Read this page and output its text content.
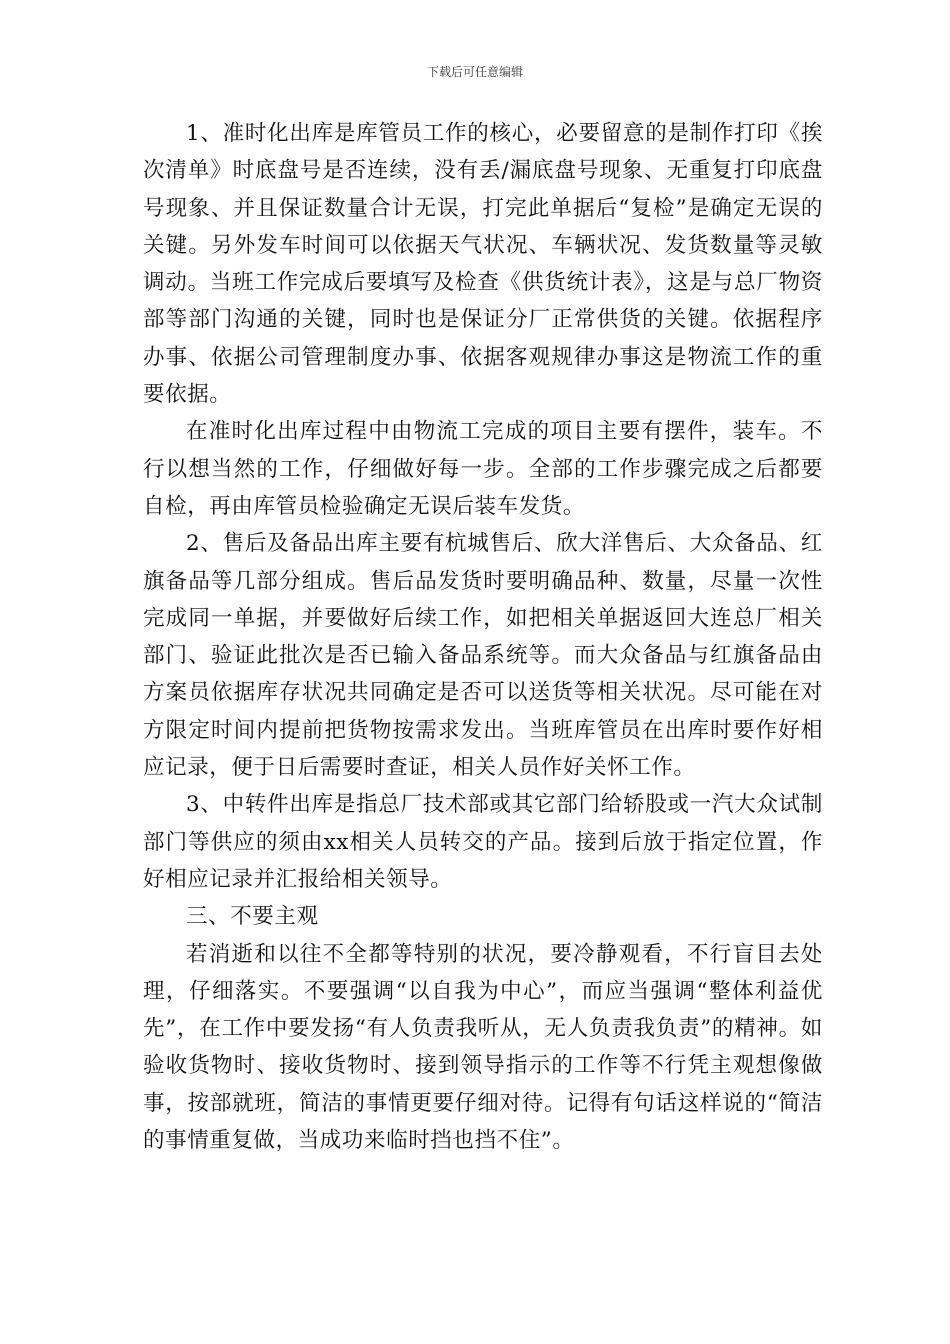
下载后可任意编辑

1、准时化出库是库管员工作的核心，必要留意的是制作打印《挨次清单》时底盘号是否连续，没有丢/漏底盘号现象、无重复打印底盘号现象、并且保证数量合计无误，打完此单据后“复检”是确定无误的关键。另外发车时间可以依据天气状况、车辆状况、发货数量等灵敏调动。当班工作完成后要填写及检查《供货统计表》，这是与总厂物资部等部门沟通的关键，同时也是保证分厂正常供货的关键。依据程序办事、依据公司管理制度办事、依据客观规律办事这是物流工作的重要依据。

在准时化出库过程中由物流工完成的项目主要有摆件，装车。不行以想当然的工作，仔细做好每一步。全部的工作步骤完成之后都要自检，再由库管员检验确定无误后装车发货。

2、售后及备品出库主要有杭城售后、欣大洋售后、大众备品、红旗备品等几部分组成。售后品发货时要明确品种、数量，尽量一次性完成同一单据，并要做好后续工作，如把相关单据返回大连总厂相关部门、验证此批次是否已输入备品系统等。而大众备品与红旗备品由方案员依据库存状况共同确定是否可以送货等相关状况。尽可能在对方限定时间内提前把货物按需求发出。当班库管员在出库时要作好相应记录，便于日后需要时查证，相关人员作好关怀工作。

3、中转件出库是指总厂技术部或其它部门给轿股或一汽大众试制部门等供应的须由xx相关人员转交的产品。接到后放于指定位置，作好相应记录并汇报给相关领导。

三、不要主观

若消逝和以往不全都等特别的状况，要冷静观看，不行盲目去处理，仔细落实。不要强调“以自我为中心”，而应当强调“整体利益优先”，在工作中要发扬“有人负责我听从，无人负责我负责”的精神。如验收货物时、接收货物时、接到领导指示的工作等不行凭主观想像做事，按部就班，简洁的事情更要仔细对待。记得有句话这样说的“简洁的事情重复做，当成功来临时挡也挡不住”。
